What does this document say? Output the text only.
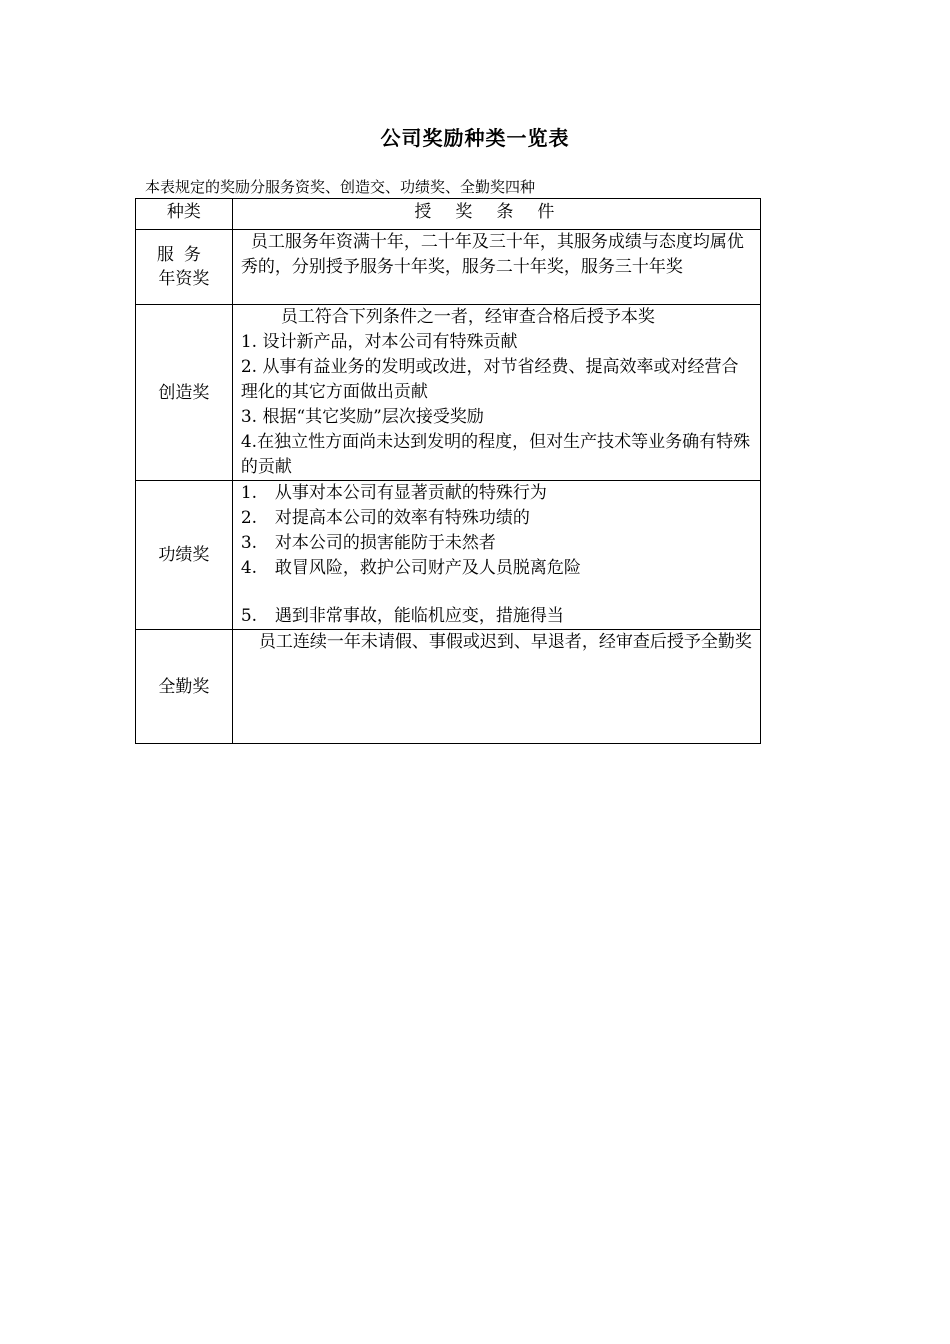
公司奖励种类一览表
本表规定的奖励分服务资奖、创造交、功绩奖、全勤奖四种
种类	授奖条件

服务
年资奖	员工服务年资满十年，二十年及三十年，其服务成绩与态度均属优秀的，分别授予服务十年奖，服务二十年奖，服务三十年奖

创造奖	员工符合下列条件之一者，经审查合格后授予本奖
1. 设计新产品，对本公司有特殊贡献
2. 从事有益业务的发明或改进，对节省经费、提高效率或对经营合理化的其它方面做出贡献
3. 根据“其它奖励”层次接受奖励
4.在独立性方面尚未达到发明的程度，但对生产技术等业务确有特殊的贡献

功绩奖	1. 从事对本公司有显著贡献的特殊行为
2. 对提高本公司的效率有特殊功绩的
3. 对本公司的损害能防于未然者
4. 敢冒风险，救护公司财产及人员脱离危险
5. 遇到非常事故，能临机应变，措施得当

全勤奖	员工连续一年未请假、事假或迟到、早退者，经审查后授予全勤奖
